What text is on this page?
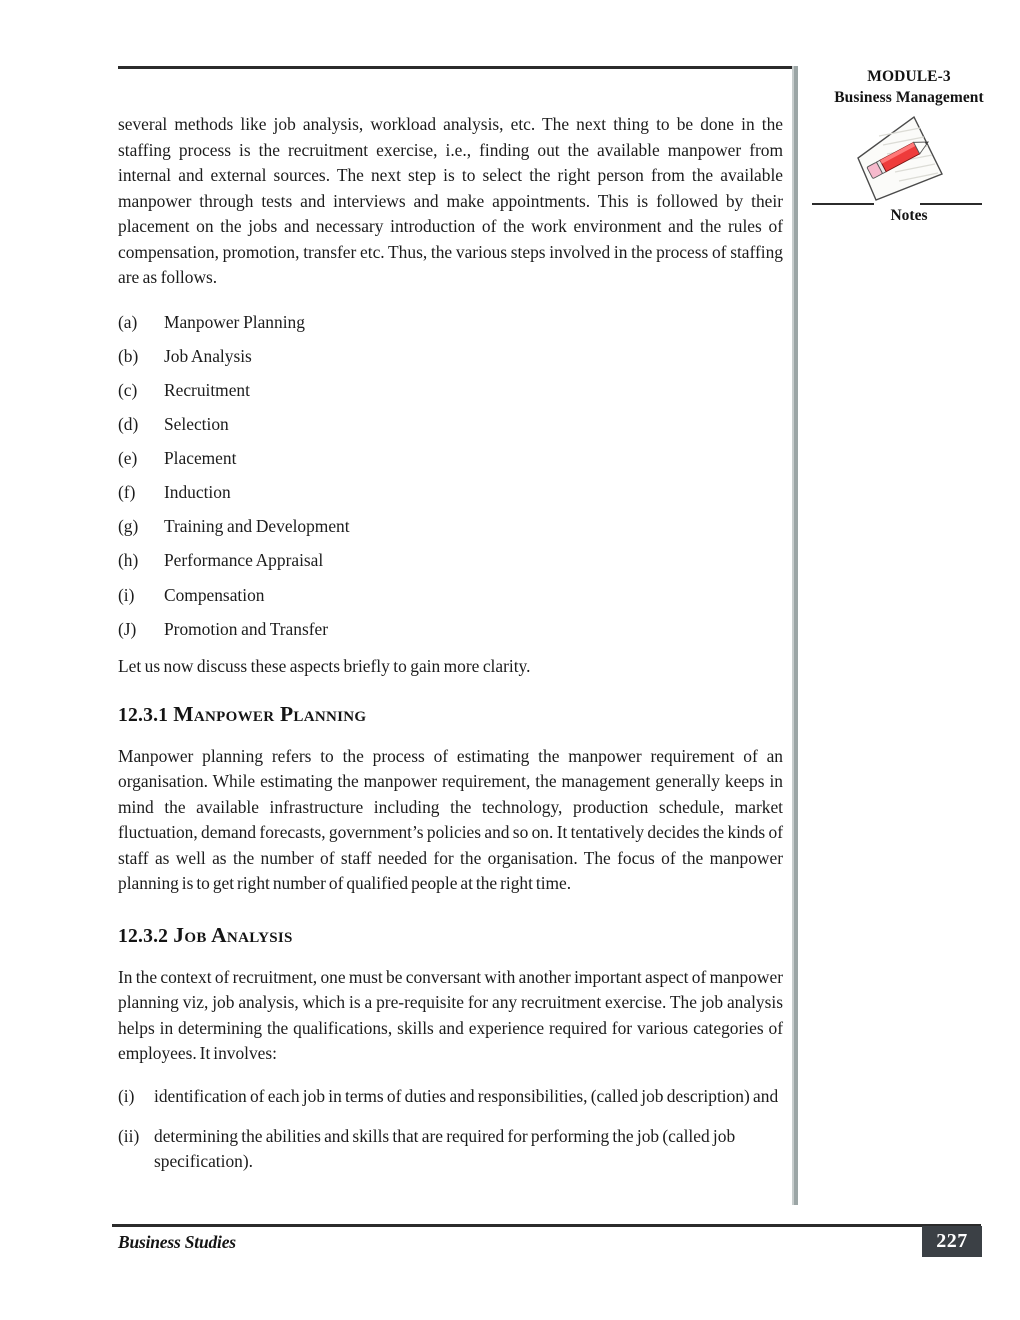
MODULE-3
Business Management
Notes

several methods like job analysis, workload analysis, etc. The next thing to be done in the staffing process is the recruitment exercise, i.e., finding out the available manpower from internal and external sources. The next step is to select the right person from the available manpower through tests and interviews and make appointments. This is followed by their placement on the jobs and necessary introduction of the work environment and the rules of compensation, promotion, transfer etc. Thus, the various steps involved in the process of staffing are as follows.

(a) Manpower Planning
(b) Job Analysis
(c) Recruitment
(d) Selection
(e) Placement
(f) Induction
(g) Training and Development
(h) Performance Appraisal
(i) Compensation
(J) Promotion and Transfer

Let us now discuss these aspects briefly to gain more clarity.

12.3.1 Manpower Planning

Manpower planning refers to the process of estimating the manpower requirement of an organisation. While estimating the manpower requirement, the management generally keeps in mind the available infrastructure including the technology, production schedule, market fluctuation, demand forecasts, government’s policies and so on. It tentatively decides the kinds of staff as well as the number of staff needed for the organisation. The focus of the manpower planning is to get right number of qualified people at the right time.

12.3.2 Job Analysis

In the context of recruitment, one must be conversant with another important aspect of manpower planning viz, job analysis, which is a pre-requisite for any recruitment exercise. The job analysis helps in determining the qualifications, skills and experience required for various categories of employees. It involves:

(i) identification of each job in terms of duties and responsibilities, (called job description) and
(ii) determining the abilities and skills that are required for performing the job (called job specification).
Business Studies	227
